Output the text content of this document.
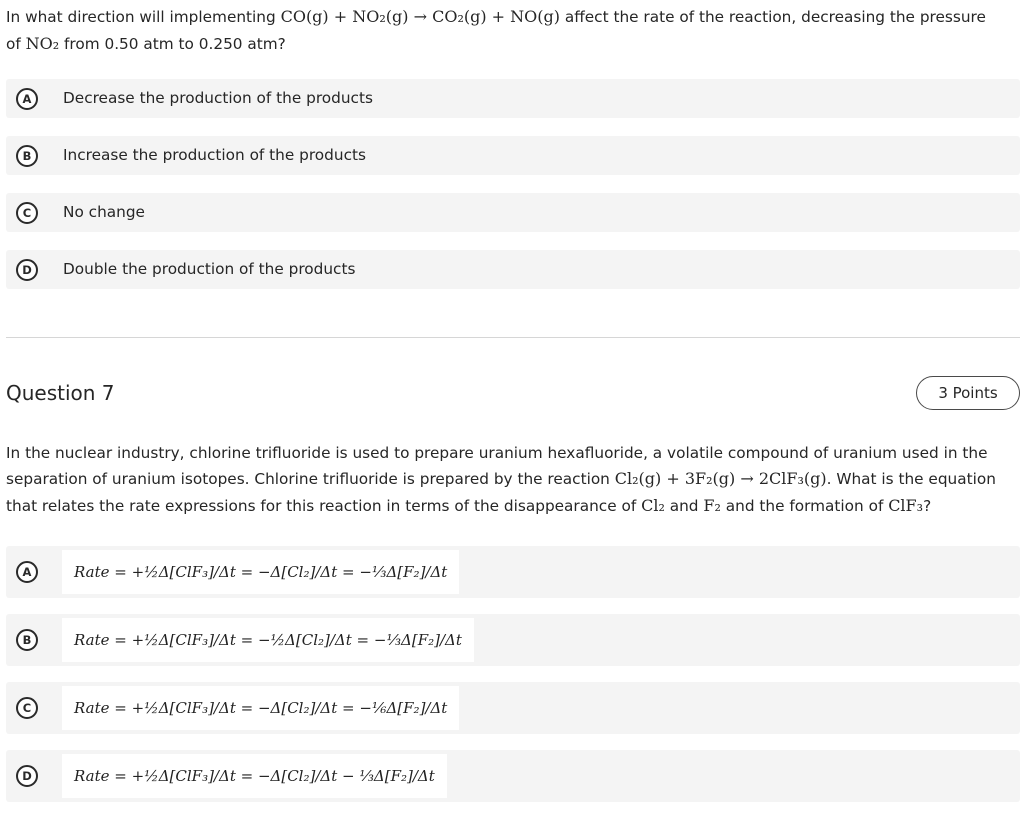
In what direction will implementing CO(g) + NO₂(g) → CO₂(g) + NO(g) affect the rate of the reaction, decreasing the pressure
of NO₂ from 0.50 atm to 0.250 atm?
A	Decrease the production of the products
B	Increase the production of the products
C	No change
D	Double the production of the products
Question 7	3 Points
In the nuclear industry, chlorine trifluoride is used to prepare uranium hexafluoride, a volatile compound of uranium used in the
separation of uranium isotopes. Chlorine trifluoride is prepared by the reaction Cl₂(g) + 3F₂(g) → 2ClF₃(g). What is the equation
that relates the rate expressions for this reaction in terms of the disappearance of Cl₂ and F₂ and the formation of ClF₃?
A	Rate = +½Δ[ClF₃]/Δt = −Δ[Cl₂]/Δt = −⅓Δ[F₂]/Δt
B	Rate = +½Δ[ClF₃]/Δt = −½Δ[Cl₂]/Δt = −⅓Δ[F₂]/Δt
C	Rate = +½Δ[ClF₃]/Δt = −Δ[Cl₂]/Δt = −⅙Δ[F₂]/Δt
D	Rate = +½Δ[ClF₃]/Δt = −Δ[Cl₂]/Δt − ⅓Δ[F₂]/Δt
